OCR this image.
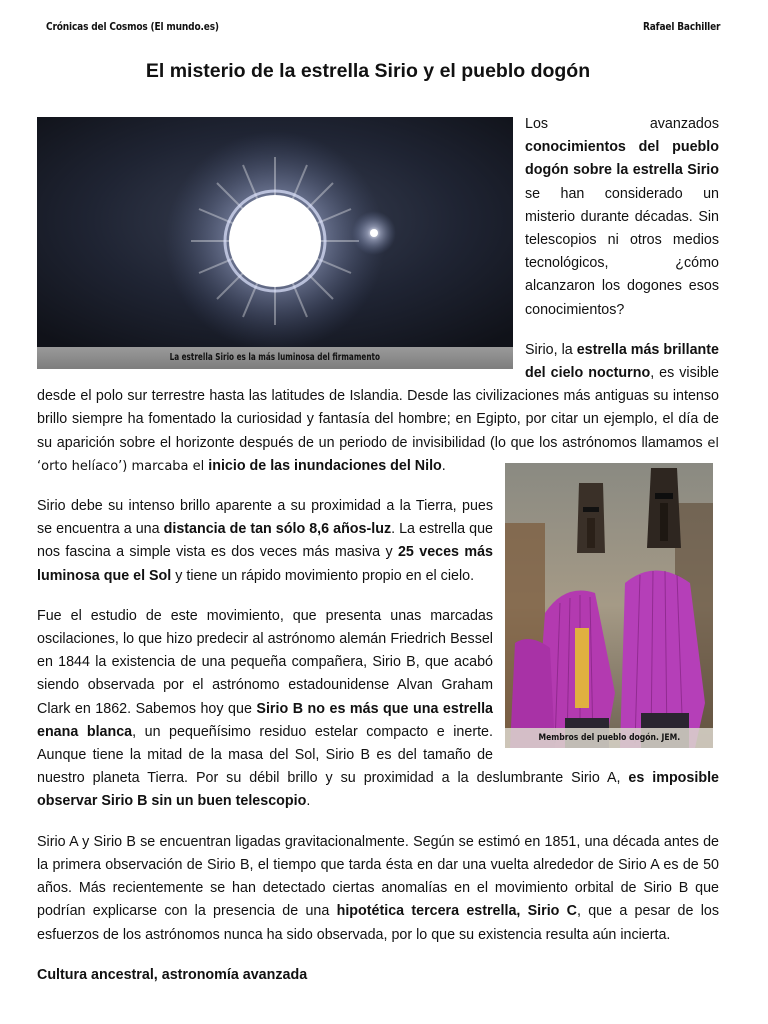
Crónicas del Cosmos (El mundo.es)	Rafael Bachiller
El misterio de la estrella Sirio y el pueblo dogón
La estrella Sirio es la más luminosa del firmamento

Los avanzados conocimientos del pueblo dogón sobre la estrella Sirio se han considerado un misterio durante décadas. Sin telescopios ni otros medios tecnológicos, ¿cómo alcanzaron los dogones esos conocimientos?

Sirio, la estrella más brillante del cielo nocturno, es visible desde el polo sur terrestre hasta las latitudes de Islandia. Desde las civilizaciones más antiguas su intenso brillo siempre ha fomentado la curiosidad y fantasía del hombre; en Egipto, por citar un ejemplo, el día de su aparición sobre el horizonte después de un periodo de invisibilidad (lo que los astrónomos llamamos
Membros del pueblo dogón. JEM.
el ‘orto helíaco’) marcaba el inicio de las inundaciones del Nilo.

Sirio debe su intenso brillo aparente a su proximidad a la Tierra, pues se encuentra a una distancia de tan sólo 8,6 años-luz. La estrella que nos fascina a simple vista es dos veces más masiva y 25 veces más luminosa que el Sol y tiene un rápido movimiento propio en el cielo.

Fue el estudio de este movimiento, que presenta unas marcadas oscilaciones, lo que hizo predecir al astrónomo alemán Friedrich Bessel en 1844 la existencia de una pequeña compañera, Sirio B, que acabó siendo observada por el astrónomo estadounidense Alvan Graham Clark en 1862. Sabemos hoy que Sirio B no es más que una estrella enana blanca, un pequeñísimo residuo estelar compacto e inerte. Aunque tiene la mitad de la masa del Sol, Sirio B es del tamaño de nuestro planeta Tierra. Por su débil brillo y su proximidad a la deslumbrante Sirio A, es imposible observar Sirio B sin un buen telescopio.

Sirio A y Sirio B se encuentran ligadas gravitacionalmente. Según se estimó en 1851, una década antes de la primera observación de Sirio B, el tiempo que tarda ésta en dar una vuelta alrededor de Sirio A es de 50 años. Más recientemente se han detectado ciertas anomalías en el movimiento orbital de Sirio B que podrían explicarse con la presencia de una hipotética tercera estrella, Sirio C, que a pesar de los esfuerzos de los astrónomos nunca ha sido observada, por lo que su existencia resulta aún incierta.

Cultura ancestral, astronomía avanzada
